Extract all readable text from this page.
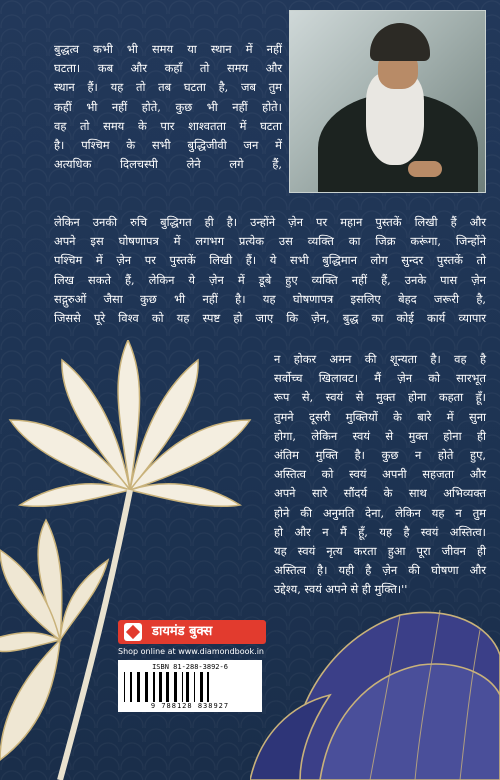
बुद्धत्व कभी भी समय या स्थान में नहीं

घटता। कब और कहाँ तो समय और

स्थान हैं। यह तो तब घटता है, जब तुम

कहीं भी नहीं होते, कुछ भी नहीं होते।

वह तो समय के पार शाश्वतता में घटता

है। पश्चिम के सभी बुद्धिजीवी जन में

अत्यधिक दिलचस्पी लेने लगे हैं,

लेकिन उनकी रुचि बुद्धिगत ही है। उन्होंने ज़ेन पर महान पुस्तकें लिखी हैं और

अपने इस घोषणापत्र में लगभग प्रत्येक उस व्यक्ति का जिक्र करूंगा, जिन्होंने

पश्चिम में ज़ेन पर पुस्तकें लिखी हैं। ये सभी बुद्धिमान लोग सुन्दर पुस्तकें तो

लिख सकते हैं, लेकिन ये ज़ेन में डूबे हुए व्यक्ति नहीं हैं, उनके पास ज़ेन

सद्गुरुओं जैसा कुछ भी नहीं है। यह घोषणापत्र इसलिए बेहद जरूरी है,

जिससे पूरे विश्व को यह स्पष्ट हो जाए कि ज़ेन, बुद्ध का कोई कार्य व्यापार

न होकर अमन की शून्यता है। वह है

सर्वोच्च खिलावट। मैं ज़ेन को सारभूत

रूप से, स्वयं से मुक्त होना कहता हूँ।

तुमने दूसरी मुक्तियों के बारे में सुना

होगा, लेकिन स्वयं से मुक्त होना ही

अंतिम मुक्ति है। कुछ न होते हुए,

अस्तित्व को स्वयं अपनी सहजता और

अपने सारे सौंदर्य के साथ अभिव्यक्त

होने की अनुमति देना, लेकिन यह न तुम

हो और न मैं हूँ, यह है स्वयं अस्तित्व।

यह स्वयं नृत्य करता हुआ पूरा जीवन ही

अस्तित्व है। यही है ज़ेन की घोषणा और

उद्देश्य, स्वयं अपने से ही मुक्ति।''

डायमंड बुक्स
Shop online at www.diamondbook.in
ISBN 81-288-3892-6
9 788128 838927
